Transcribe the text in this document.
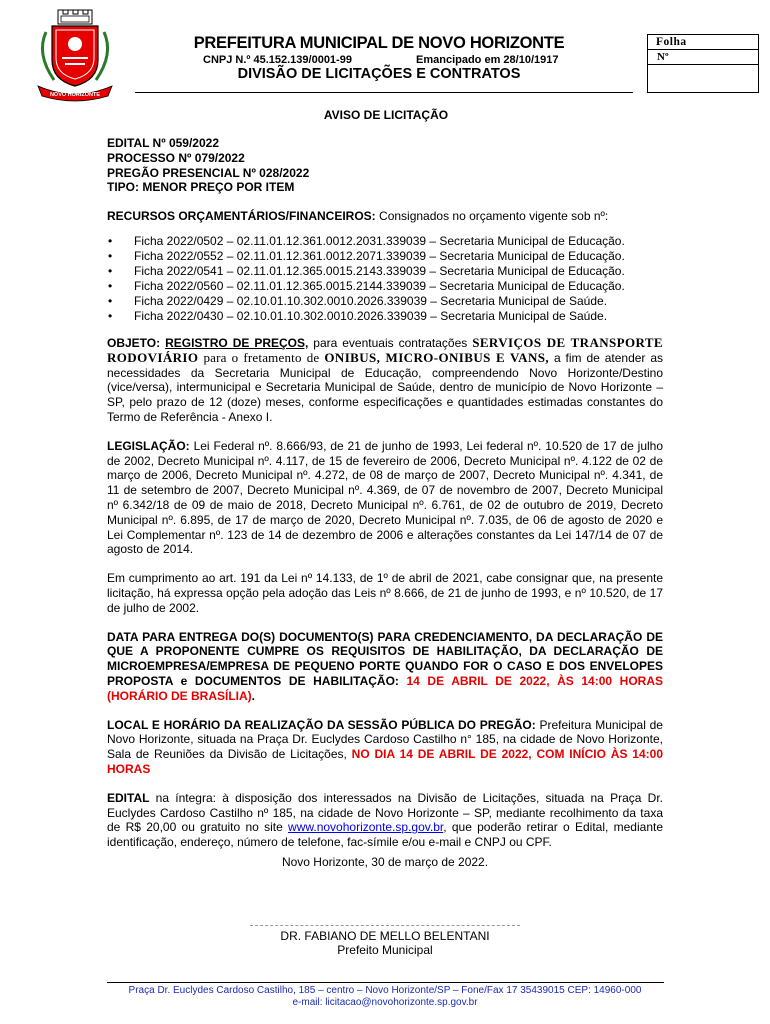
NOVO HORIZONTE
PREFEITURA MUNICIPAL DE NOVO HORIZONTE
CNPJ N.º 45.152.139/0001-99	Emancipado em 28/10/1917
DIVISÃO DE LICITAÇÕES E CONTRATOS
Folha
Nº
AVISO DE LICITAÇÃO

EDITAL Nº 059/2022

PROCESSO Nº 079/2022

PREGÃO PRESENCIAL Nº 028/2022

TIPO: MENOR PREÇO POR ITEM

RECURSOS ORÇAMENTÁRIOS/FINANCEIROS: Consignados no orçamento vigente sob nº:

• Ficha 2022/0502 – 02.11.01.12.361.0012.2031.339039 – Secretaria Municipal de Educação.
• Ficha 2022/0552 – 02.11.01.12.361.0012.2071.339039 – Secretaria Municipal de Educação.
• Ficha 2022/0541 – 02.11.01.12.365.0015.2143.339039 – Secretaria Municipal de Educação.
• Ficha 2022/0560 – 02.11.01.12.365.0015.2144.339039 – Secretaria Municipal de Educação.
• Ficha 2022/0429 – 02.10.01.10.302.0010.2026.339039 – Secretaria Municipal de Saúde.
• Ficha 2022/0430 – 02.10.01.10.302.0010.2026.339039 – Secretaria Municipal de Saúde.

OBJETO: REGISTRO DE PREÇOS, para eventuais contratações SERVIÇOS DE TRANSPORTE RODOVIÁRIO para o fretamento de ONIBUS, MICRO-ONIBUS E VANS, a fim de atender as necessidades da Secretaria Municipal de Educação, compreendendo Novo Horizonte/Destino (vice/versa), intermunicipal e Secretaria Municipal de Saúde, dentro de município de Novo Horizonte – SP, pelo prazo de 12 (doze) meses, conforme especificações e quantidades estimadas constantes do Termo de Referência - Anexo I.

LEGISLAÇÃO: Lei Federal nº. 8.666/93, de 21 de junho de 1993, Lei federal nº. 10.520 de 17 de julho de 2002, Decreto Municipal nº. 4.117, de 15 de fevereiro de 2006, Decreto Municipal nº. 4.122 de 02 de março de 2006, Decreto Municipal nº. 4.272, de 08 de março de 2007, Decreto Municipal nº. 4.341, de 11 de setembro de 2007, Decreto Municipal nº. 4.369, de 07 de novembro de 2007, Decreto Municipal nº 6.342/18 de 09 de maio de 2018, Decreto Municipal nº. 6.761, de 02 de outubro de 2019, Decreto Municipal nº. 6.895, de 17 de março de 2020, Decreto Municipal nº. 7.035, de 06 de agosto de 2020 e Lei Complementar nº. 123 de 14 de dezembro de 2006 e alterações constantes da Lei 147/14 de 07 de agosto de 2014.

Em cumprimento ao art. 191 da Lei nº 14.133, de 1º de abril de 2021, cabe consignar que, na presente licitação, há expressa opção pela adoção das Leis nº 8.666, de 21 de junho de 1993, e nº 10.520, de 17 de julho de 2002.

DATA PARA ENTREGA DO(S) DOCUMENTO(S) PARA CREDENCIAMENTO, DA DECLARAÇÃO DE QUE A PROPONENTE CUMPRE OS REQUISITOS DE HABILITAÇÃO, DA DECLARAÇÃO DE MICROEMPRESA/EMPRESA DE PEQUENO PORTE QUANDO FOR O CASO E DOS ENVELOPES PROPOSTA e DOCUMENTOS DE HABILITAÇÃO: 14 DE ABRIL DE 2022, ÀS 14:00 HORAS (HORÁRIO DE BRASÍLIA).

LOCAL E HORÁRIO DA REALIZAÇÃO DA SESSÃO PÚBLICA DO PREGÃO: Prefeitura Municipal de Novo Horizonte, situada na Praça Dr. Euclydes Cardoso Castilho n° 185, na cidade de Novo Horizonte, Sala de Reuniões da Divisão de Licitações, NO DIA 14 DE ABRIL DE 2022, COM INÍCIO ÀS 14:00 HORAS

EDITAL na íntegra: à disposição dos interessados na Divisão de Licitações, situada na Praça Dr. Euclydes Cardoso Castilho nº 185, na cidade de Novo Horizonte – SP, mediante recolhimento da taxa de R$ 20,00 ou gratuito no site www.novohorizonte.sp.gov.br, que poderão retirar o Edital, mediante identificação, endereço, número de telefone, fac-símile e/ou e-mail e CNPJ ou CPF.

Novo Horizonte, 30 de março de 2022.
DR. FABIANO DE MELLO BELENTANI
Prefeito Municipal
Praça Dr. Euclydes Cardoso Castilho, 185 – centro – Novo Horizonte/SP – Fone/Fax 17 35439015 CEP: 14960-000
e-mail: licitacao@novohorizonte.sp.gov.br
